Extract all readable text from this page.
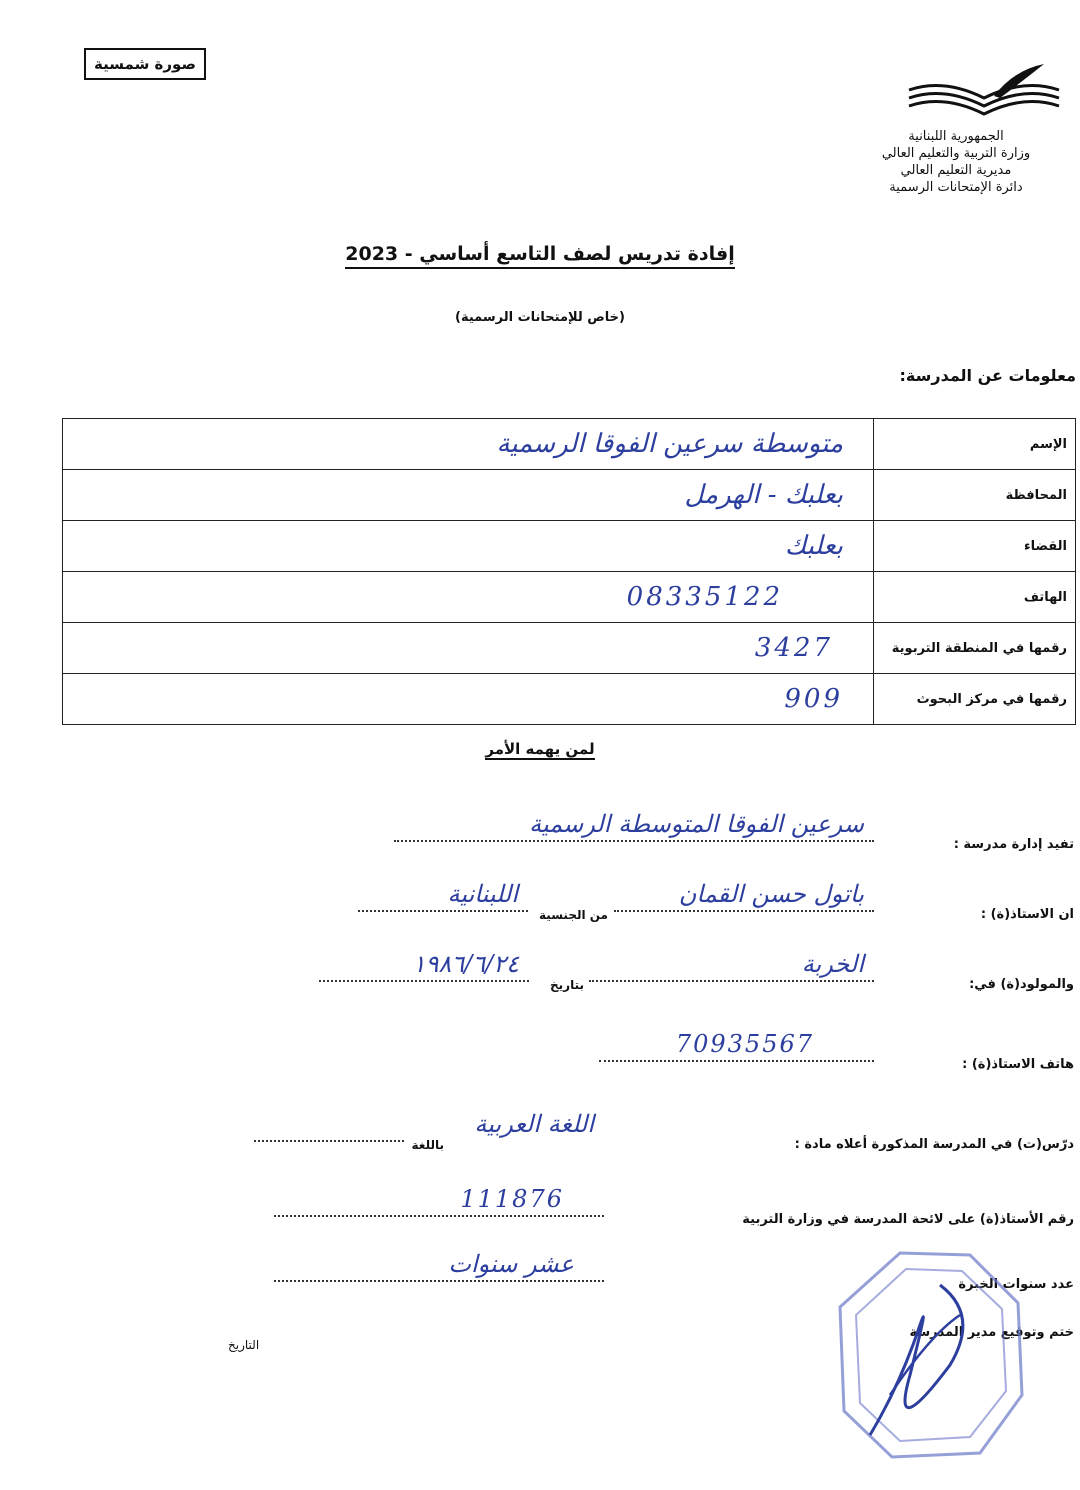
صورة شمسية
الجمهورية اللبنانية
وزارة التربية والتعليم العالي
مديرية التعليم العالي
دائرة الإمتحانات الرسمية
إفادة تدريس لصف التاسع أساسي - 2023
(خاص للإمتحانات الرسمية)
معلومات عن المدرسة:
الإسم	متوسطة سرعين الفوقا الرسمية
المحافظة	بعلبك - الهرمل
القضاء	بعلبك
الهاتف	08335122
رقمها في المنطقة التربوية	3427
رقمها في مركز البحوث	909
لمن يهمه الأمر
تفيد إدارة مدرسة :
سرعين الفوقا المتوسطة الرسمية
ان الاستاذ(ة) :
باتول حسن القمان
من الجنسية
اللبنانية
والمولود(ة) في:
الخربة
بتاريخ
١٩٨٦/٦/٢٤
هاتف الاستاذ(ة) :
70935567
درّس(ت) في المدرسة المذكورة أعلاه مادة :
باللغة
اللغة العربية
رقم الأستاذ(ة) على لائحة المدرسة في وزارة التربية
111876
عدد سنوات الخبرة
عشر سنوات
ختم وتوقيع مدير المدرسة
التاريخ
